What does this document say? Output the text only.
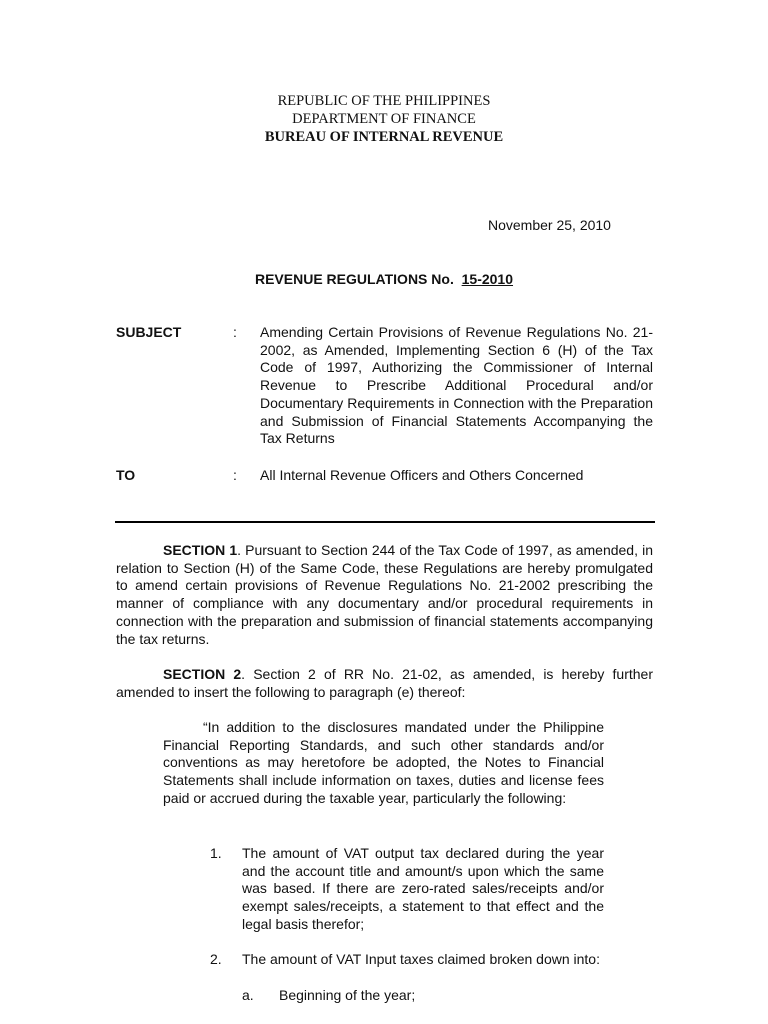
REPUBLIC OF THE PHILIPPINES
DEPARTMENT OF FINANCE
BUREAU OF INTERNAL REVENUE
November 25, 2010
REVENUE REGULATIONS No. 15-2010
SUBJECT	: Amending Certain Provisions of Revenue Regulations No. 21-2002, as Amended, Implementing Section 6 (H) of the Tax Code of 1997, Authorizing the Commissioner of Internal Revenue to Prescribe Additional Procedural and/or Documentary Requirements in Connection with the Preparation and Submission of Financial Statements Accompanying the Tax Returns
TO	: All Internal Revenue Officers and Others Concerned
SECTION 1. Pursuant to Section 244 of the Tax Code of 1997, as amended, in relation to Section (H) of the Same Code, these Regulations are hereby promulgated to amend certain provisions of Revenue Regulations No. 21-2002 prescribing the manner of compliance with any documentary and/or procedural requirements in connection with the preparation and submission of financial statements accompanying the tax returns.
SECTION 2. Section 2 of RR No. 21-02, as amended, is hereby further amended to insert the following to paragraph (e) thereof:
“In addition to the disclosures mandated under the Philippine Financial Reporting Standards, and such other standards and/or conventions as may heretofore be adopted, the Notes to Financial Statements shall include information on taxes, duties and license fees paid or accrued during the taxable year, particularly the following:
1. The amount of VAT output tax declared during the year and the account title and amount/s upon which the same was based. If there are zero-rated sales/receipts and/or exempt sales/receipts, a statement to that effect and the legal basis therefor;
2. The amount of VAT Input taxes claimed broken down into:
a. Beginning of the year;
